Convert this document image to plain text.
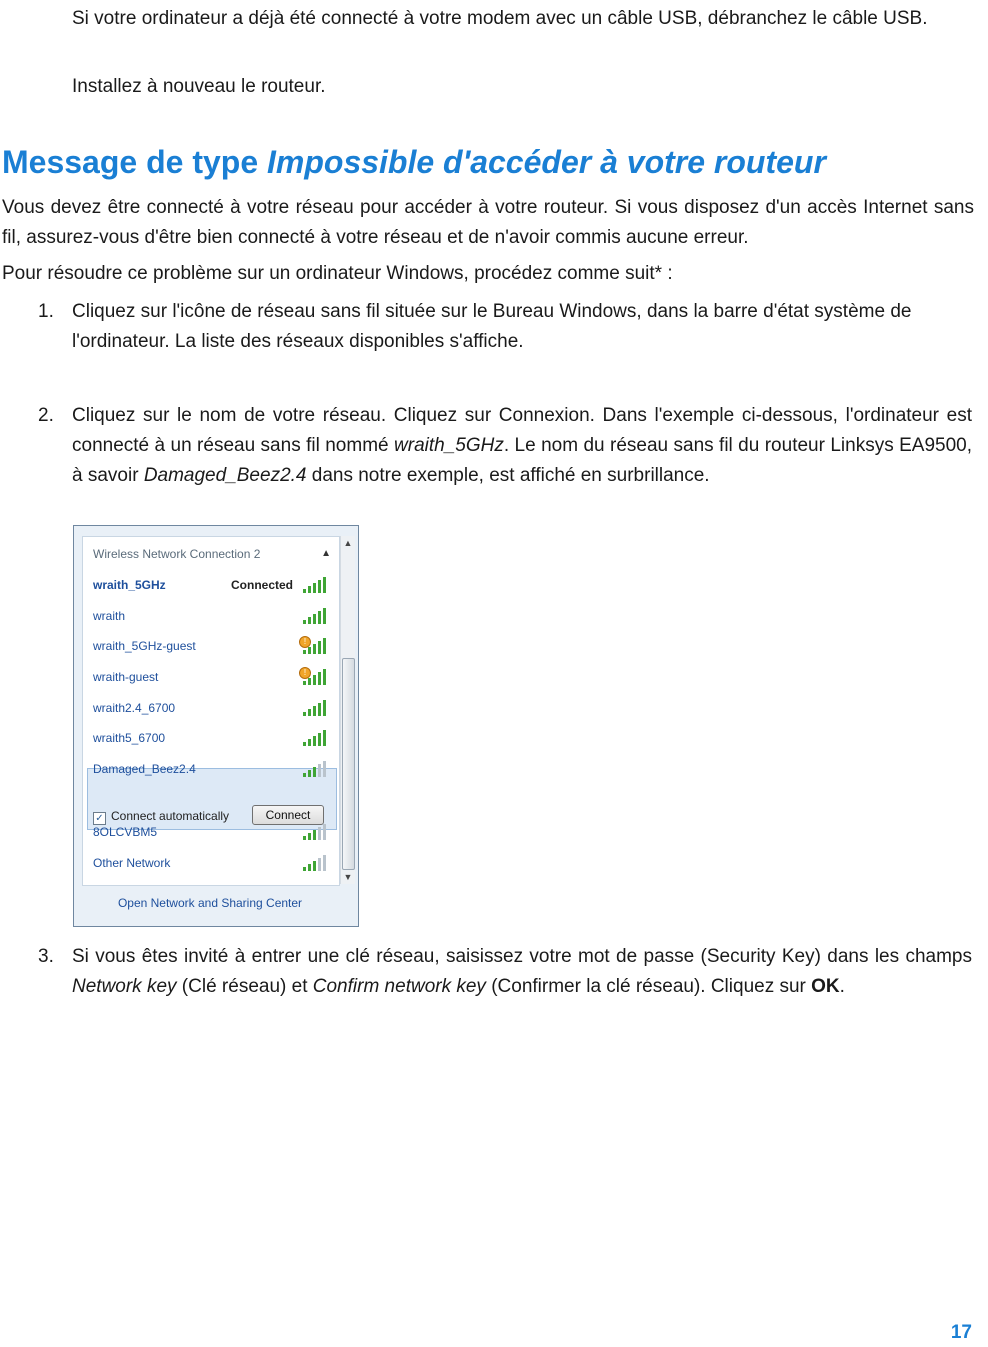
Si votre ordinateur a déjà été connecté à votre modem avec un câble USB, débranchez le câble USB.

Installez à nouveau le routeur.

Message de type Impossible d'accéder à votre routeur

Vous devez être connecté à votre réseau pour accéder à votre routeur. Si vous disposez d'un accès Internet sans fil, assurez-vous d'être bien connecté à votre réseau et de n'avoir commis aucune erreur.

Pour résoudre ce problème sur un ordinateur Windows, procédez comme suit* :

1. Cliquez sur l'icône de réseau sans fil située sur le Bureau Windows, dans la barre d'état système de l'ordinateur. La liste des réseaux disponibles s'affiche.

2. Cliquez sur le nom de votre réseau. Cliquez sur Connexion. Dans l'exemple ci-dessous, l'ordinateur est connecté à un réseau sans fil nommé wraith_5GHz. Le nom du réseau sans fil du routeur Linksys EA9500, à savoir Damaged_Beez2.4 dans notre exemple, est affiché en surbrillance.

Wireless Network Connection 2	▲
wraith_5GHz	Connected
wraith
wraith_5GHz-guest	!
wraith-guest	!
wraith2.4_6700
wraith5_6700
Damaged_Beez2.4
✓ Connect automatically	Connect
8OLCVBM5
Other Network
▲
▼
Open Network and Sharing Center
3. Si vous êtes invité à entrer une clé réseau, saisissez votre mot de passe (Security Key) dans les champs Network key (Clé réseau) et Confirm network key (Confirmer la clé réseau). Cliquez sur OK.

17
